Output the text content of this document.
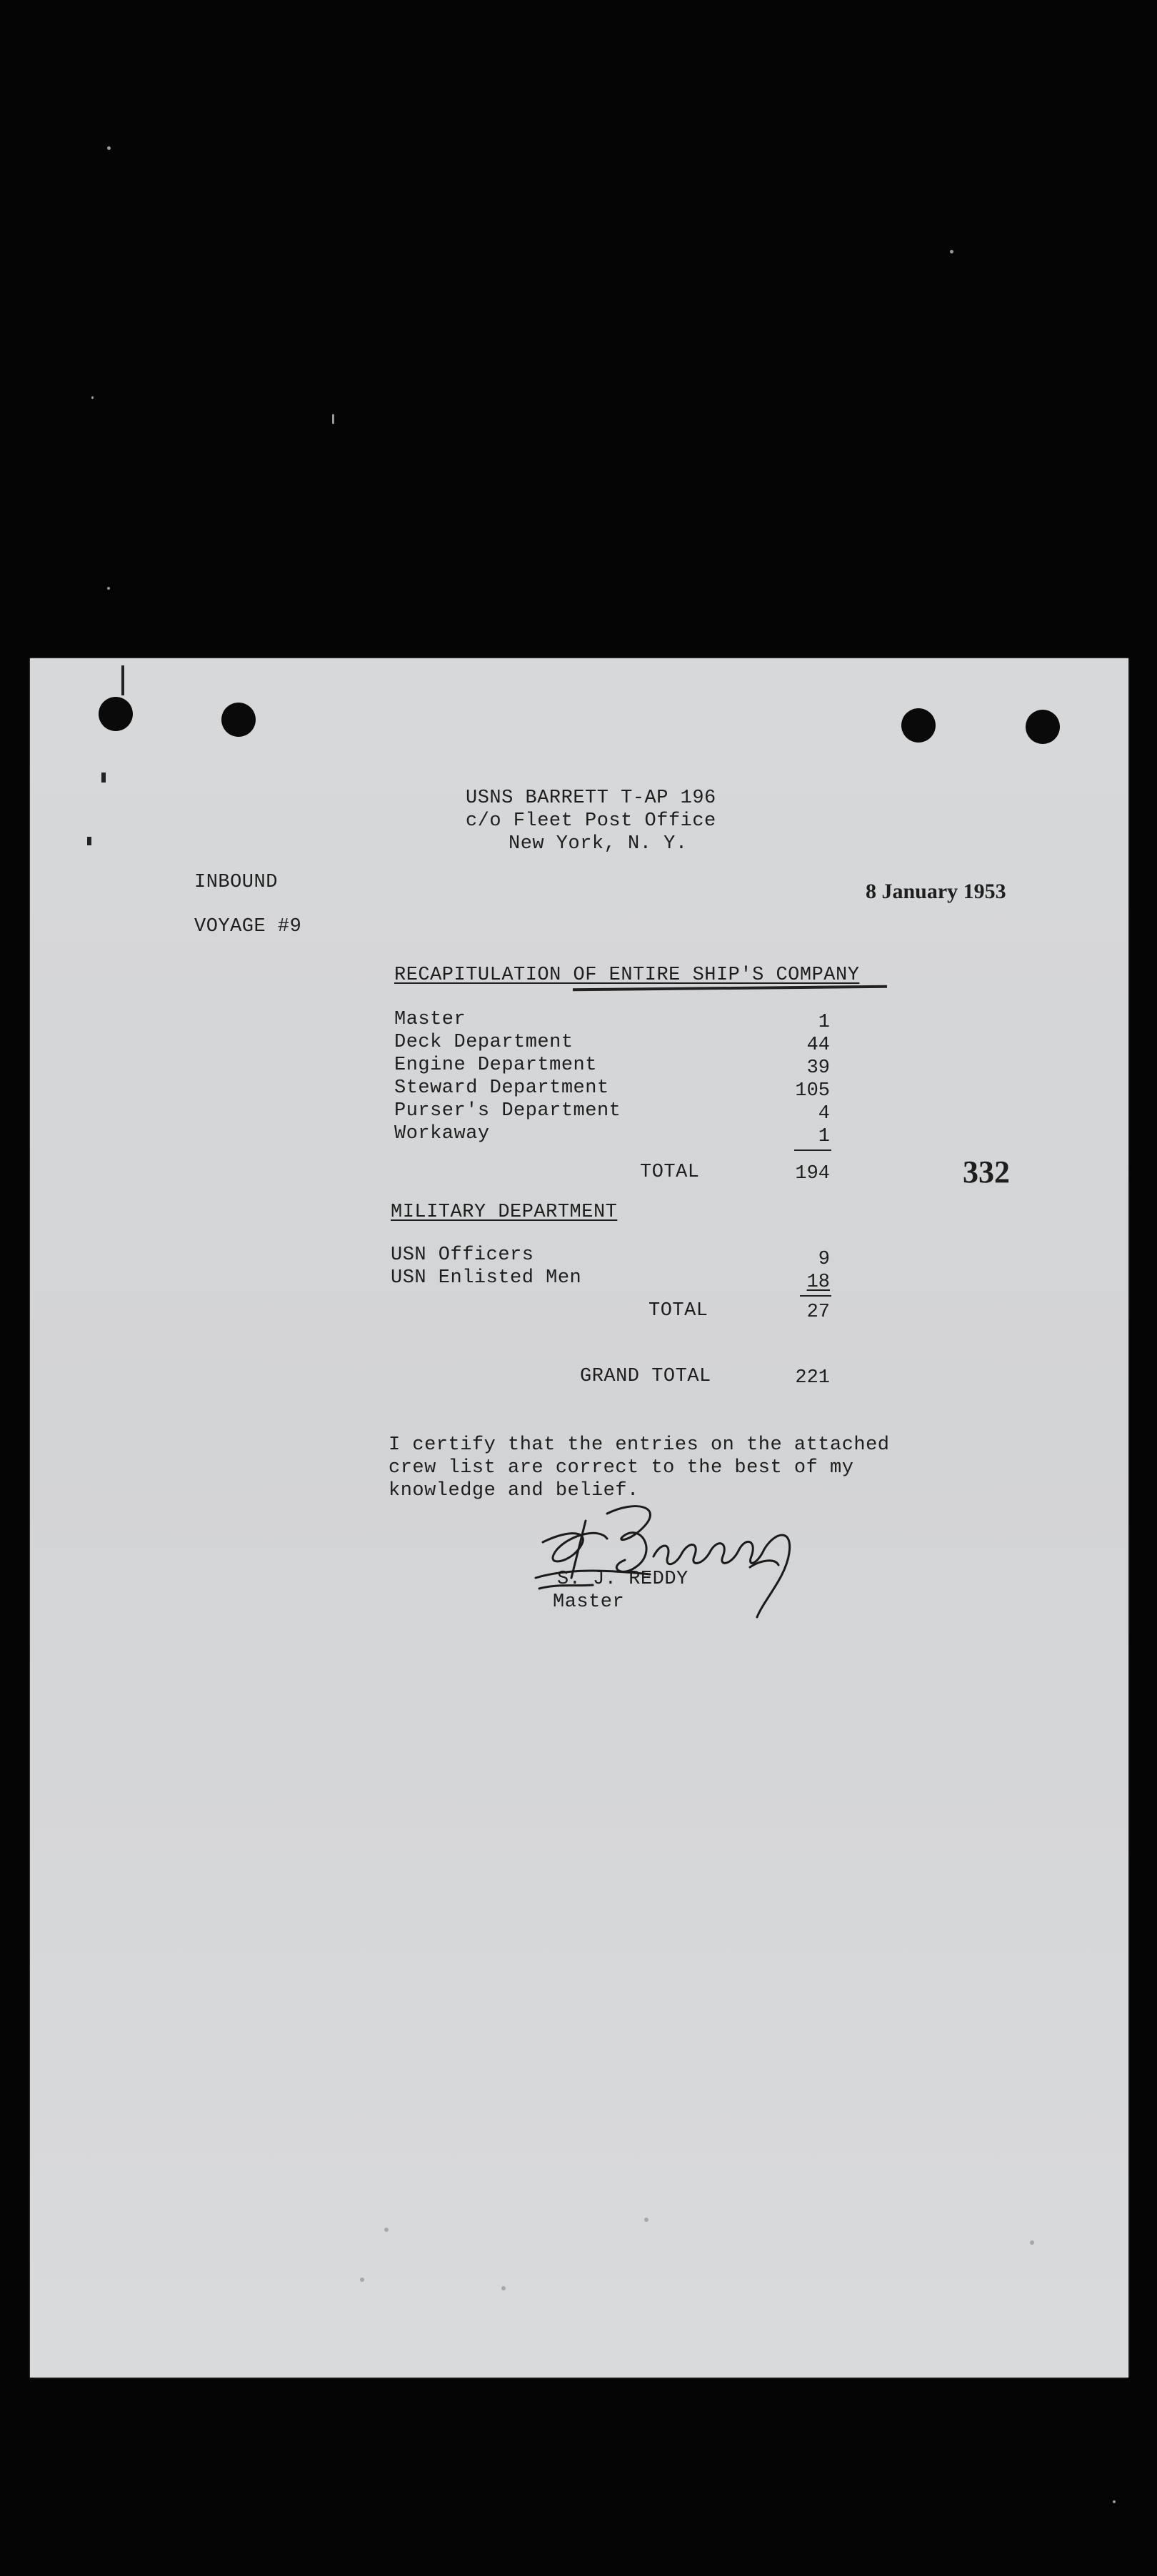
USNS BARRETT T-AP 196
c/o Fleet Post Office
New York, N. Y.
INBOUND	8 January 1953
VOYAGE #9
RECAPITULATION OF ENTIRE SHIP'S COMPANY
Master	1
Deck Department	44
Engine Department	39
Steward Department	105
Purser's Department	4
Workaway	1
TOTAL	194	332
MILITARY DEPARTMENT
USN Officers	9
USN Enlisted Men	18
TOTAL	27
GRAND TOTAL	221
I certify that the entries on the attached
crew list are correct to the best of my
knowledge and belief.
S. J. REDDY
Master
